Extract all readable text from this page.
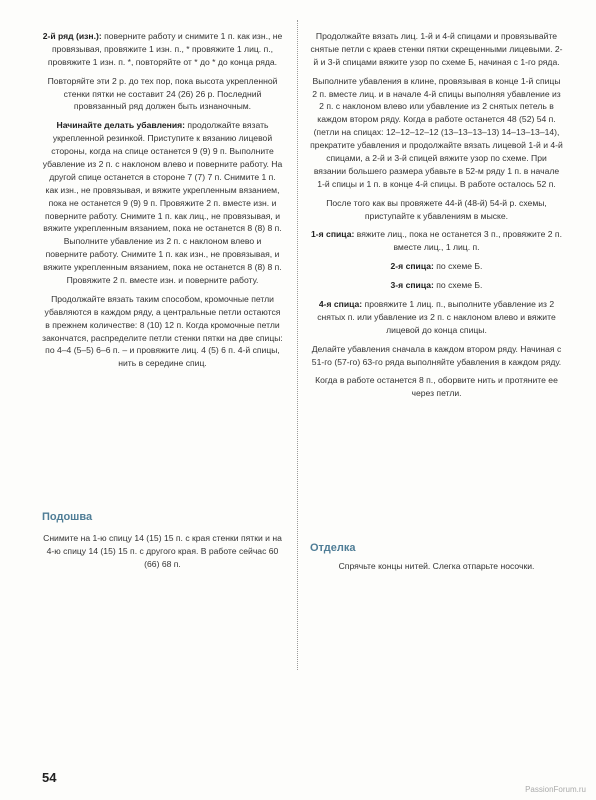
2-й ряд (изн.): поверните работу и снимите 1 п. как изн., не провязывая, провяжите 1 изн. п., * провяжите 1 лиц. п., провяжите 1 изн. п. *, повторяйте от * до * до конца ряда.

Повторяйте эти 2 р. до тех пор, пока высота укрепленной стенки пятки не составит 24 (26) 26 р. Последний провязанный ряд должен быть изнаночным.

Начинайте делать убавления: продолжайте вязать укрепленной резинкой. Приступите к вязанию лицевой стороны, когда на спице останется 9 (9) 9 п. Выполните убавление из 2 п. с наклоном влево и поверните работу. На другой спице останется в стороне 7 (7) 7 п. Снимите 1 п. как изн., не провязывая, и вяжите укрепленным вязанием, пока не останется 9 (9) 9 п. Провяжите 2 п. вместе изн. и поверните работу. Снимите 1 п. как лиц., не провязывая, и вяжите укрепленным вязанием, пока не останется 8 (8) 8 п. Выполните убавление из 2 п. с наклоном влево и поверните работу. Снимите 1 п. как изн., не провязывая, и вяжите укрепленным вязанием, пока не останется 8 (8) 8 п. Провяжите 2 п. вместе изн. и поверните работу.

Продолжайте вязать таким способом, кромочные петли убавляются в каждом ряду, а центральные петли остаются в прежнем количестве: 8 (10) 12 п. Когда кромочные петли закончатся, распределите петли стенки пятки на две спицы: по 4–4 (5–5) 6–6 п. – и провяжите лиц. 4 (5) 6 п. 4-й спицы, нить в середине спиц.

Подошва

Снимите на 1-ю спицу 14 (15) 15 п. с края стенки пятки и на 4-ю спицу 14 (15) 15 п. с другого края. В работе сейчас 60 (66) 68 п.

Продолжайте вязать лиц. 1-й и 4-й спицами и провязывайте снятые петли с краев стенки пятки скрещенными лицевыми. 2-й и 3-й спицами вяжите узор по схеме Б, начиная с 1-го ряда.

Выполните убавления в клине, провязывая в конце 1-й спицы 2 п. вместе лиц. и в начале 4-й спицы выполняя убавление из 2 п. с наклоном влево или убавление из 2 снятых петель в каждом втором ряду. Когда в работе останется 48 (52) 54 п. (петли на спицах: 12–12–12–12 (13–13–13–13) 14–13–13–14), прекратите убавления и продолжайте вязать лицевой 1-й и 4-й спицами, а 2-й и 3-й спицей вяжите узор по схеме. При вязании большего размера убавьте в 52-м ряду 1 п. в начале 1-й спицы и 1 п. в конце 4-й спицы. В работе осталось 52 п.

После того как вы провяжете 44-й (48-й) 54-й р. схемы, приступайте к убавлениям в мыске.

1-я спица: вяжите лиц., пока не останется 3 п., провяжите 2 п. вместе лиц., 1 лиц. п.

2-я спица: по схеме Б.

3-я спица: по схеме Б.

4-я спица: провяжите 1 лиц. п., выполните убавление из 2 снятых п. или убавление из 2 п. с наклоном влево и вяжите лицевой до конца спицы.

Делайте убавления сначала в каждом втором ряду. Начиная с 51-го (57-го) 63-го ряда выполняйте убавления в каждом ряду.

Когда в работе останется 8 п., оборвите нить и протяните ее через петли.

Отделка

Спрячьте концы нитей. Слегка отпарьте носочки.

54
PassionForum.ru
